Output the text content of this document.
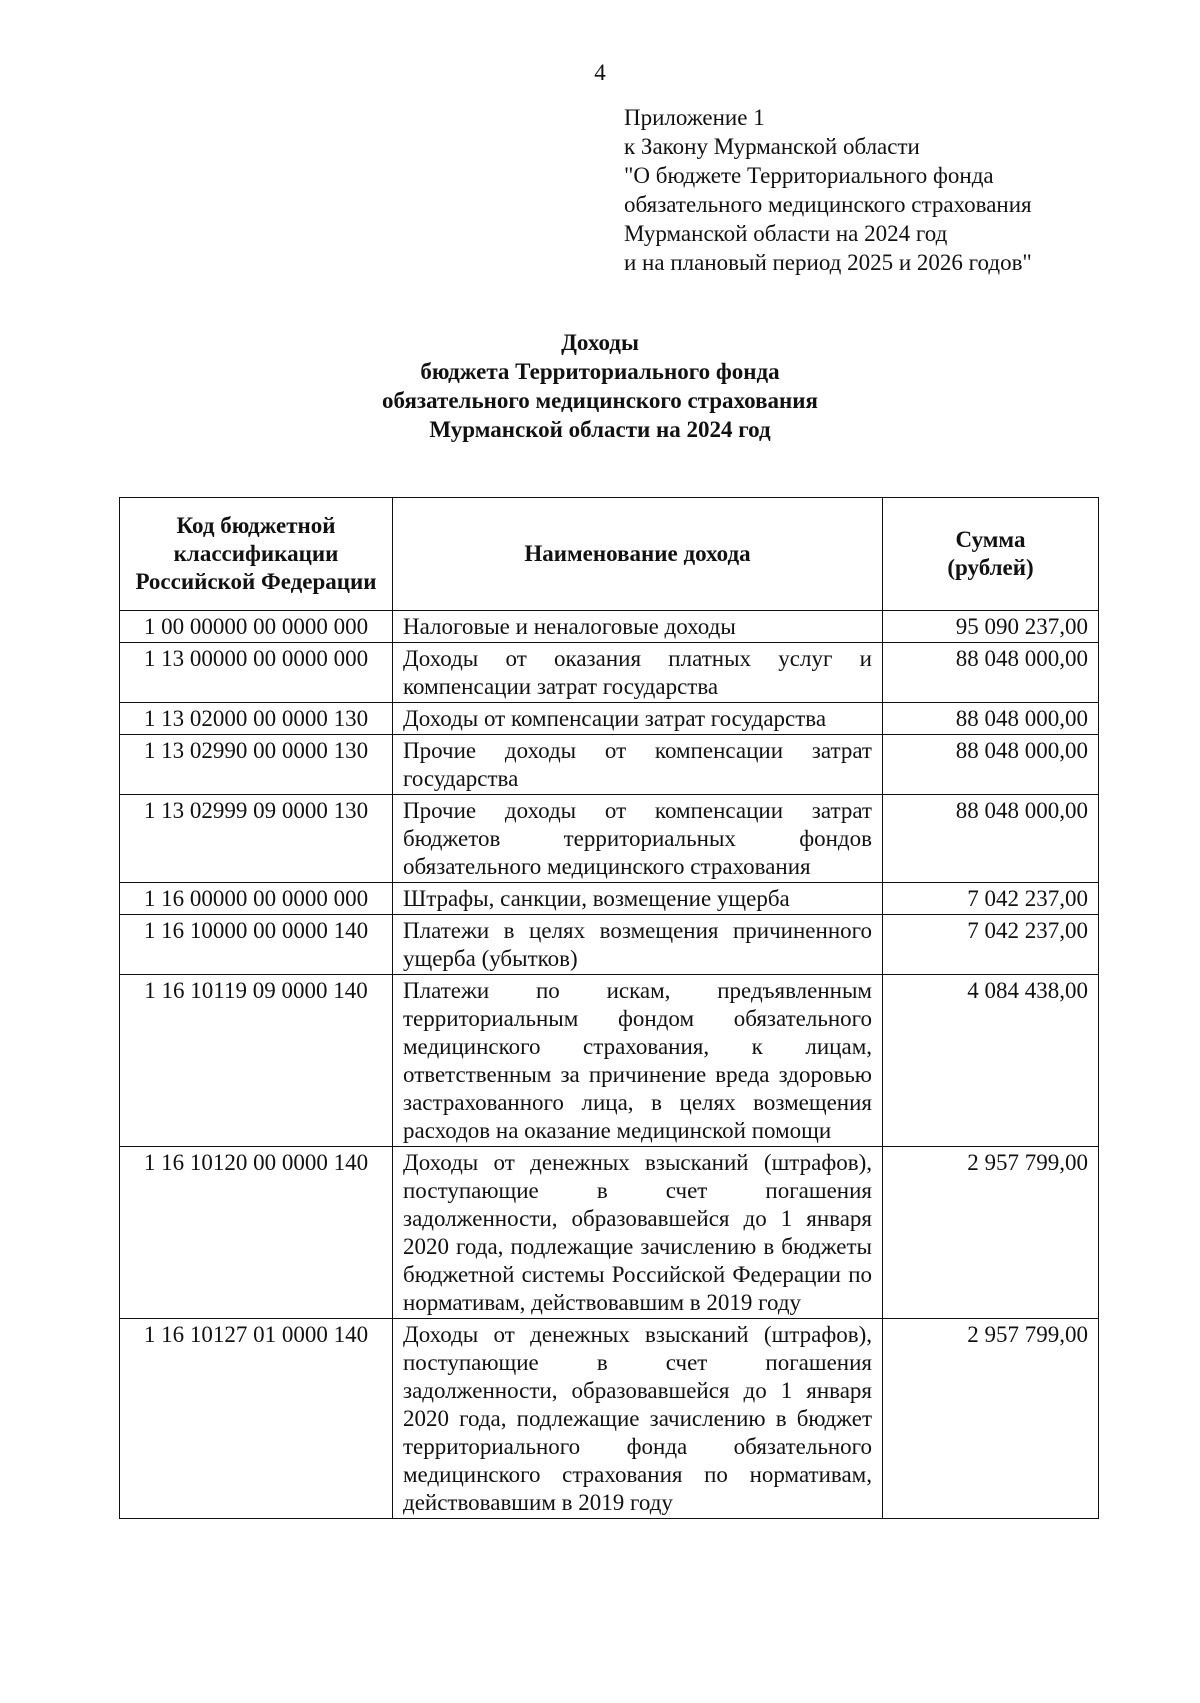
4
Приложение 1
к Закону Мурманской области
"О бюджете Территориального фонда
обязательного медицинского страхования
Мурманской области на 2024 год
и на плановый период 2025 и 2026 годов"
Доходы
бюджета Территориального фонда
обязательного медицинского страхования
Мурманской области на 2024 год
Код бюджетной классификации Российской Федерации	Наименование дохода	Сумма (рублей)
1 00 00000 00 0000 000	Налоговые и неналоговые доходы	95 090 237,00
1 13 00000 00 0000 000	Доходы от оказания платных услуг и компенсации затрат государства	88 048 000,00
1 13 02000 00 0000 130	Доходы от компенсации затрат государства	88 048 000,00
1 13 02990 00 0000 130	Прочие доходы от компенсации затрат государства	88 048 000,00
1 13 02999 09 0000 130	Прочие доходы от компенсации затрат бюджетов территориальных фондов обязательного медицинского страхования	88 048 000,00
1 16 00000 00 0000 000	Штрафы, санкции, возмещение ущерба	7 042 237,00
1 16 10000 00 0000 140	Платежи в целях возмещения причиненного ущерба (убытков)	7 042 237,00
1 16 10119 09 0000 140	Платежи по искам, предъявленным территориальным фондом обязательного медицинского страхования, к лицам, ответственным за причинение вреда здоровью застрахованного лица, в целях возмещения расходов на оказание медицинской помощи	4 084 438,00
1 16 10120 00 0000 140	Доходы от денежных взысканий (штрафов), поступающие в счет погашения задолженности, образовавшейся до 1 января 2020 года, подлежащие зачислению в бюджеты бюджетной системы Российской Федерации по нормативам, действовавшим в 2019 году	2 957 799,00
1 16 10127 01 0000 140	Доходы от денежных взысканий (штрафов), поступающие в счет погашения задолженности, образовавшейся до 1 января 2020 года, подлежащие зачислению в бюджет территориального фонда обязательного медицинского страхования по нормативам, действовавшим в 2019 году	2 957 799,00
